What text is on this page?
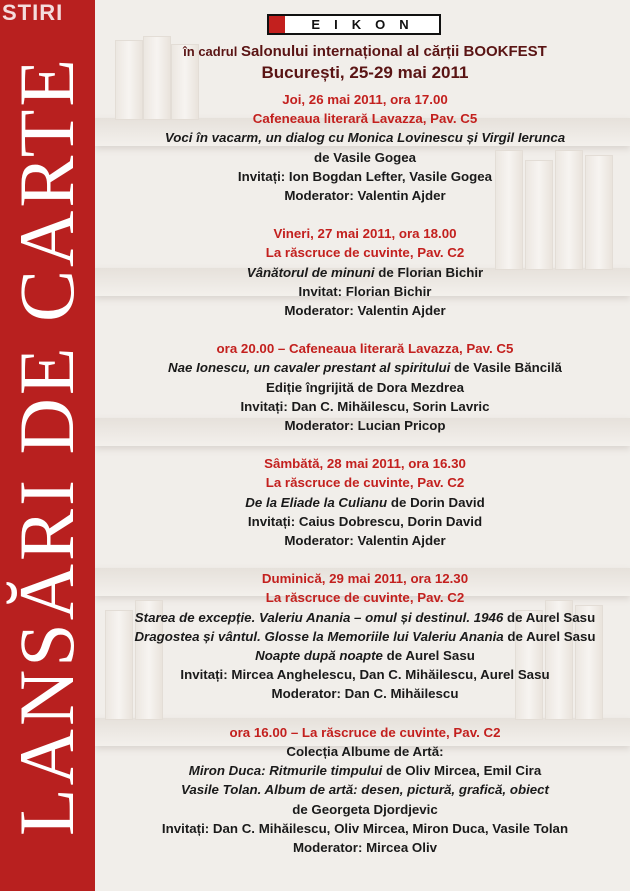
LANSĂRI DE CARTE
STIRI	EIKON
în cadrul Salonului internațional al cărții BOOKFEST
București, 25-29 mai 2011

Joi, 26 mai 2011, ora 17.00

Cafeneaua literară Lavazza, Pav. C5

Voci în vacarm, un dialog cu Monica Lovinescu și Virgil Ierunca

de Vasile Gogea

Invitați: Ion Bogdan Lefter, Vasile Gogea

Moderator: Valentin Ajder

Vineri, 27 mai 2011, ora 18.00

La răscruce de cuvinte, Pav. C2

Vânătorul de minuni de Florian Bichir

Invitat: Florian Bichir

Moderator: Valentin Ajder

ora 20.00 – Cafeneaua literară Lavazza, Pav. C5

Nae Ionescu, un cavaler prestant al spiritului de Vasile Băncilă

Ediție îngrijită de Dora Mezdrea

Invitați: Dan C. Mihăilescu, Sorin Lavric

Moderator: Lucian Pricop

Sâmbătă, 28 mai 2011, ora 16.30

La răscruce de cuvinte, Pav. C2

De la Eliade la Culianu de Dorin David

Invitați: Caius Dobrescu, Dorin David

Moderator: Valentin Ajder

Duminică, 29 mai 2011, ora 12.30

La răscruce de cuvinte, Pav. C2

Starea de excepție. Valeriu Anania – omul și destinul. 1946 de Aurel Sasu

Dragostea și vântul. Glosse la Memoriile lui Valeriu Anania de Aurel Sasu

Noapte după noapte de Aurel Sasu

Invitați: Mircea Anghelescu, Dan C. Mihăilescu, Aurel Sasu

Moderator: Dan C. Mihăilescu

ora 16.00 – La răscruce de cuvinte, Pav. C2

Colecția Albume de Artă:

Miron Duca: Ritmurile timpului de Oliv Mircea, Emil Cira

Vasile Tolan. Album de artă: desen, pictură, grafică, obiect

de Georgeta Djordjevic

Invitați: Dan C. Mihăilescu, Oliv Mircea, Miron Duca, Vasile Tolan

Moderator: Mircea Oliv
